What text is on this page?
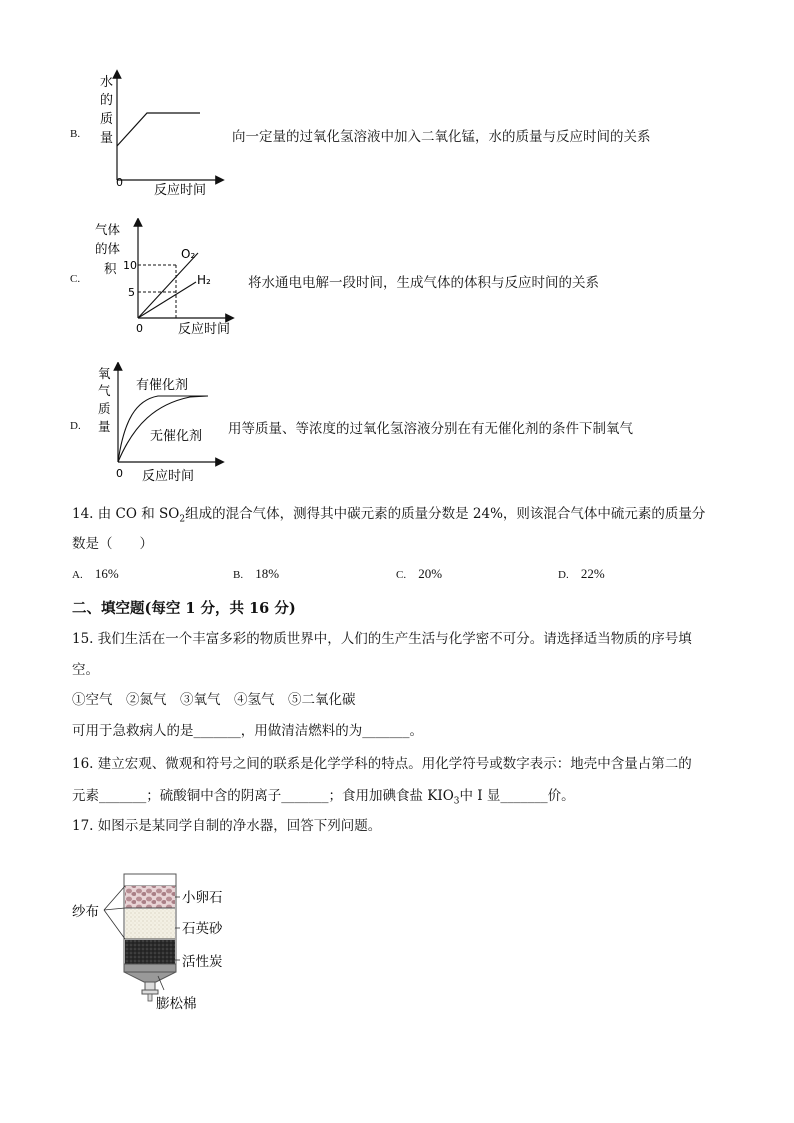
B.
水
的
质
量
0
反应时间
向一定量的过氧化氢溶液中加入二氧化锰，水的质量与反应时间的关系
C.
气体
的体
积 10
5
O₂
H₂
0	反应时间
将水通电电解一段时间，生成气体的体积与反应时间的关系
D.
氧
气
质
量
有催化剂
无催化剂
0 反应时间
用等质量、等浓度的过氧化氢溶液分别在有无催化剂的条件下制氧气
14. 由 CO 和 $SO_2$组成的混合气体，测得其中碳元素的质量分数是 24%，则该混合气体中硫元素的质量分
数是（　　）
A. 16%	B. 18%	C. 20%	D. 22%
二、填空题(每空 1 分，共 16 分)
15. 我们生活在一个丰富多彩的物质世界中，人们的生产生活与化学密不可分。请选择适当物质的序号填
空。
①空气　②氮气　③氧气　④氢气　⑤二氧化碳
可用于急救病人的是_______，用做清洁燃料的为_______。
16. 建立宏观、微观和符号之间的联系是化学学科的特点。用化学符号或数字表示：地壳中含量占第二的
元素_______；硫酸铜中含的阴离子_______；食用加碘食盐 $KIO_3$中 I 显_______价。
17. 如图示是某同学自制的净水器，回答下列问题。
纱布
小卵石
石英砂
活性炭
膨松棉
